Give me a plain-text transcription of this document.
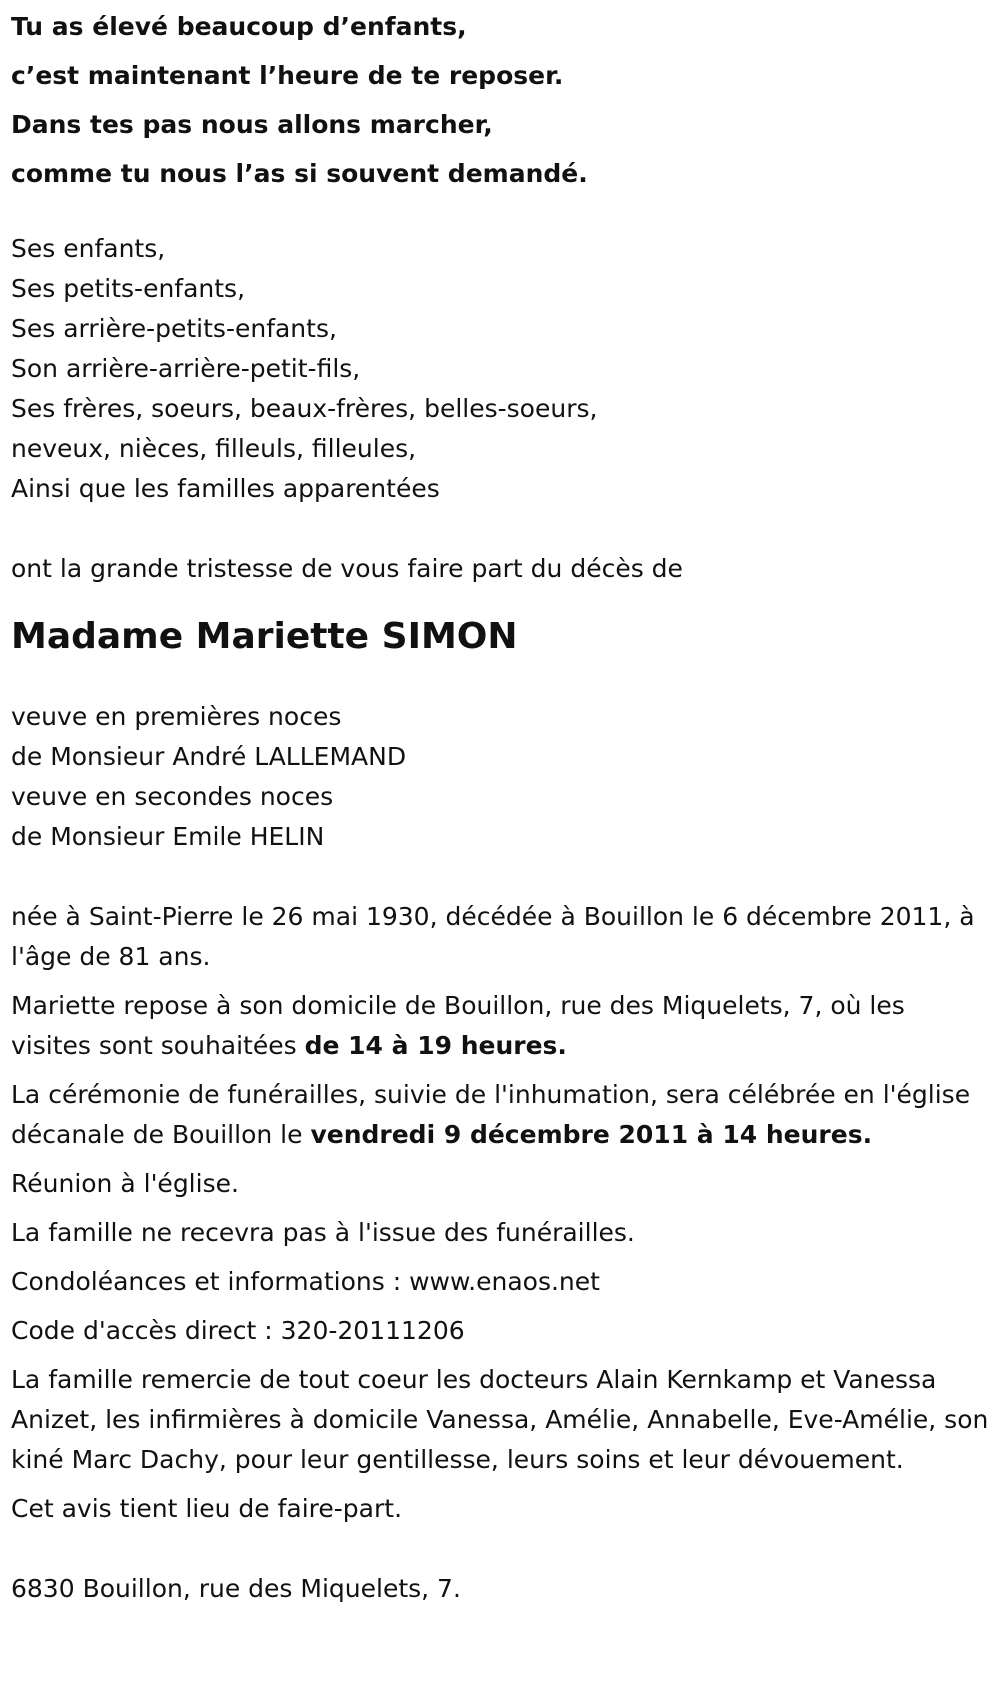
Tu as élevé beaucoup d’enfants,
c’est maintenant l’heure de te reposer.
Dans tes pas nous allons marcher,
comme tu nous l’as si souvent demandé.
Ses enfants,
Ses petits-enfants,
Ses arrière-petits-enfants,
Son arrière-arrière-petit-fils,
Ses frères, soeurs, beaux-frères, belles-soeurs,
neveux, nièces, filleuls, filleules,
Ainsi que les familles apparentées
ont la grande tristesse de vous faire part du décès de
Madame Mariette SIMON
veuve en premières noces
de Monsieur André LALLEMAND
veuve en secondes noces
de Monsieur Emile HELIN
née à Saint-Pierre le 26 mai 1930, décédée à Bouillon le 6 décembre 2011, à l'âge de 81 ans.
Mariette repose à son domicile de Bouillon, rue des Miquelets, 7, où les visites sont souhaitées de 14 à 19 heures.
La cérémonie de funérailles, suivie de l'inhumation, sera célébrée en l'église décanale de Bouillon le vendredi 9 décembre 2011 à 14 heures.
Réunion à l'église.
La famille ne recevra pas à l'issue des funérailles.
Condoléances et informations : www.enaos.net
Code d'accès direct : 320-20111206
La famille remercie de tout coeur les docteurs Alain Kernkamp et Vanessa Anizet, les infirmières à domicile Vanessa, Amélie, Annabelle, Eve-Amélie, son kiné Marc Dachy, pour leur gentillesse, leurs soins et leur dévouement.
Cet avis tient lieu de faire-part.
6830 Bouillon, rue des Miquelets, 7.
